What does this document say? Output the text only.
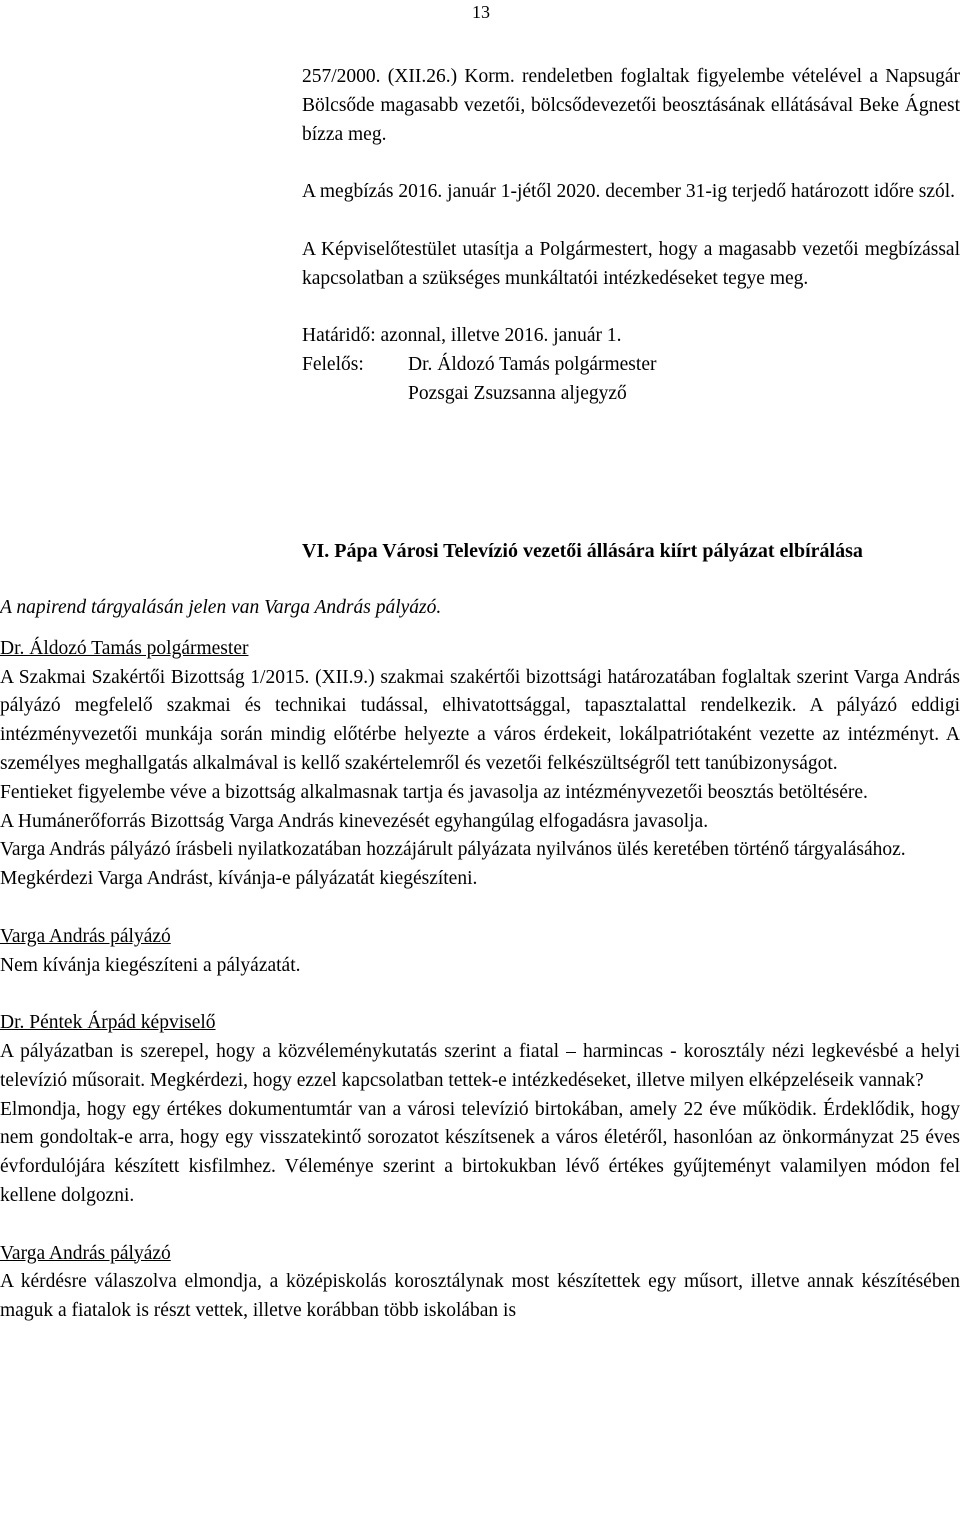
13

257/2000. (XII.26.) Korm. rendeletben foglaltak figyelembe vételével a Napsugár Bölcsőde magasabb vezetői, bölcsődevezetői beosztásának ellátásával Beke Ágnest bízza meg.

A megbízás 2016. január 1-jétől 2020. december 31-ig terjedő határozott időre szól.

A Képviselőtestület utasítja a Polgármestert, hogy a magasabb vezetői megbízással kapcsolatban a szükséges munkáltatói intézkedéseket tegye meg.

Határidő: azonnal, illetve 2016. január 1.

Felelős:	Dr. Áldozó Tamás polgármester

Pozsgai Zsuzsanna aljegyző

VI. Pápa Városi Televízió vezetői állására kiírt pályázat elbírálása

A napirend tárgyalásán jelen van Varga András pályázó.

Dr. Áldozó Tamás polgármester

A Szakmai Szakértői Bizottság 1/2015. (XII.9.) szakmai szakértői bizottsági határozatában foglaltak szerint Varga András pályázó megfelelő szakmai és technikai tudással, elhivatottsággal, tapasztalattal rendelkezik. A pályázó eddigi intézményvezetői munkája során mindig előtérbe helyezte a város érdekeit, lokálpatriótaként vezette az intézményt. A személyes meghallgatás alkalmával is kellő szakértelemről és vezetői felkészültségről tett tanúbizonyságot.

Fentieket figyelembe véve a bizottság alkalmasnak tartja és javasolja az intézményvezetői beosztás betöltésére.

A Humánerőforrás Bizottság Varga András kinevezését egyhangúlag elfogadásra javasolja.

Varga András pályázó írásbeli nyilatkozatában hozzájárult pályázata nyilvános ülés keretében történő tárgyalásához.

Megkérdezi Varga Andrást, kívánja-e pályázatát kiegészíteni.

Varga András pályázó

Nem kívánja kiegészíteni a pályázatát.

Dr. Péntek Árpád képviselő

A pályázatban is szerepel, hogy a közvéleménykutatás szerint a fiatal – harmincas - korosztály nézi legkevésbé a helyi televízió műsorait. Megkérdezi, hogy ezzel kapcsolatban tettek-e intézkedéseket, illetve milyen elképzeléseik vannak?

Elmondja, hogy egy értékes dokumentumtár van a városi televízió birtokában, amely 22 éve működik. Érdeklődik, hogy nem gondoltak-e arra, hogy egy visszatekintő sorozatot készítsenek a város életéről, hasonlóan az önkormányzat 25 éves évfordulójára készített kisfilmhez. Véleménye szerint a birtokukban lévő értékes gyűjteményt valamilyen módon fel kellene dolgozni.

Varga András pályázó

A kérdésre válaszolva elmondja, a középiskolás korosztálynak most készítettek egy műsort, illetve annak készítésében maguk a fiatalok is részt vettek, illetve korábban több iskolában is
